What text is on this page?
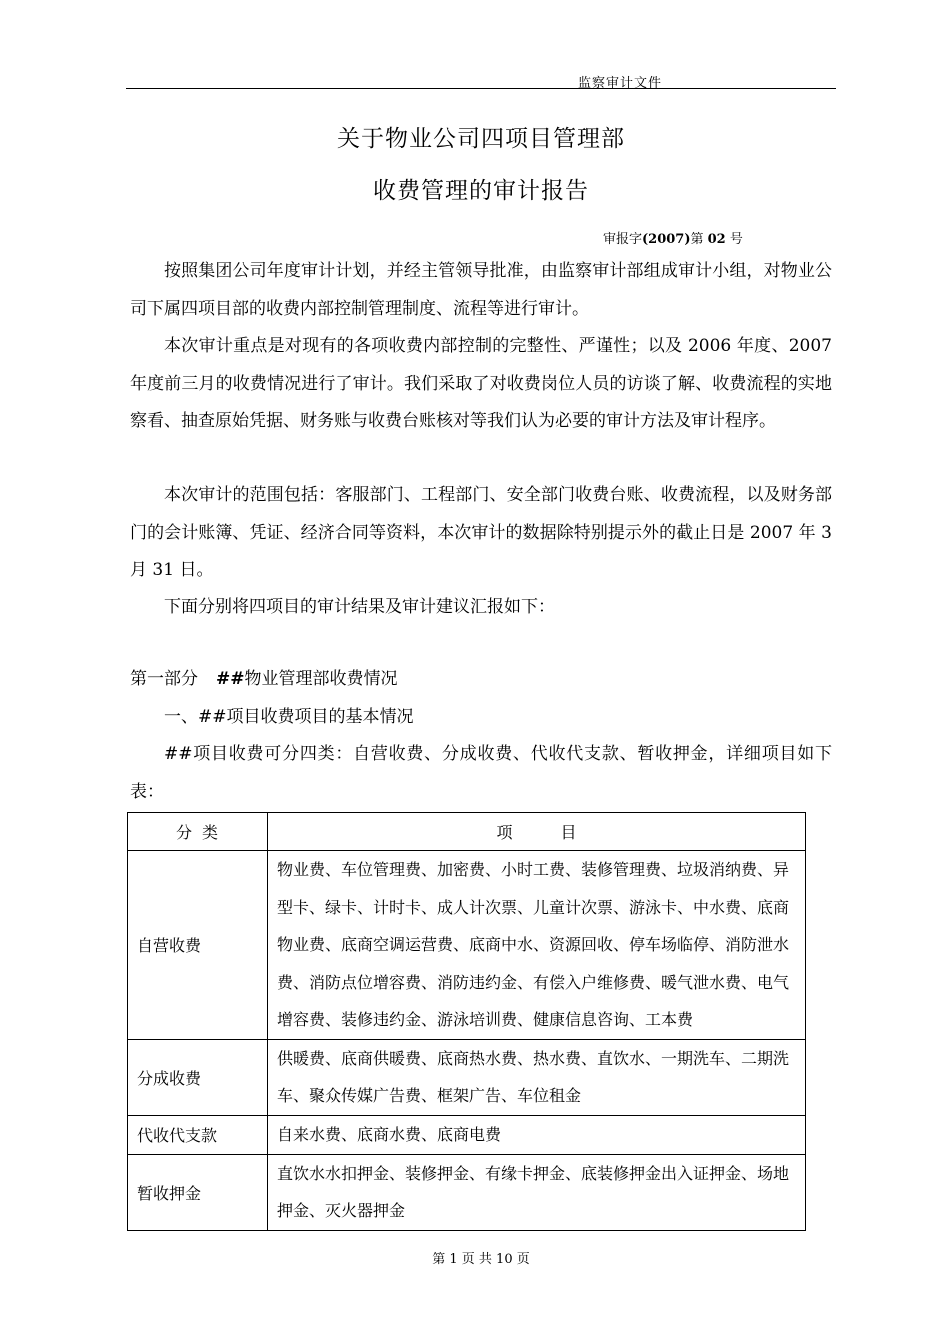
监察审计文件
关于物业公司四项目管理部
收费管理的审计报告
审报字(2007)第 02 号

按照集团公司年度审计计划，并经主管领导批准，由监察审计部组成审计小组，对物业公司下属四项目部的收费内部控制管理制度、流程等进行审计。

本次审计重点是对现有的各项收费内部控制的完整性、严谨性；以及 2006 年度、2007 年度前三月的收费情况进行了审计。我们采取了对收费岗位人员的访谈了解、收费流程的实地察看、抽查原始凭据、财务账与收费台账核对等我们认为必要的审计方法及审计程序。

本次审计的范围包括：客服部门、工程部门、安全部门收费台账、收费流程，以及财务部门的会计账簿、凭证、经济合同等资料，本次审计的数据除特别提示外的截止日是 2007 年 3 月 31 日。

下面分别将四项目的审计结果及审计建议汇报如下：

第一部分 ##物业管理部收费情况

一、##项目收费项目的基本情况

##项目收费可分四类：自营收费、分成收费、代收代支款、暂收押金，详细项目如下表：

分类	项　　　目
自营收费	物业费、车位管理费、加密费、小时工费、装修管理费、垃圾消纳费、异型卡、绿卡、计时卡、成人计次票、儿童计次票、游泳卡、中水费、底商物业费、底商空调运营费、底商中水、资源回收、停车场临停、消防泄水费、消防点位增容费、消防违约金、有偿入户维修费、暖气泄水费、电气增容费、装修违约金、游泳培训费、健康信息咨询、工本费
分成收费	供暖费、底商供暖费、底商热水费、热水费、直饮水、一期洗车、二期洗车、聚众传媒广告费、框架广告、车位租金
代收代支款	自来水费、底商水费、底商电费
暂收押金	直饮水水扣押金、装修押金、有缘卡押金、底装修押金出入证押金、场地押金、灭火器押金
第 1 页 共 10 页
